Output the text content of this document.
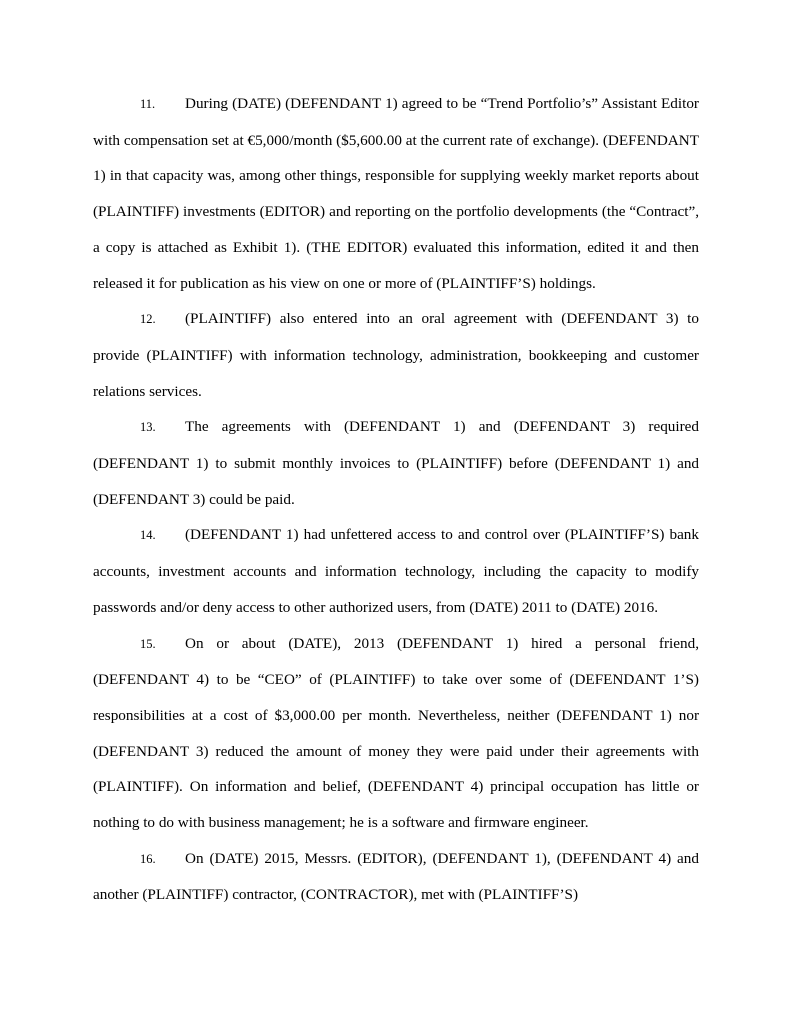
11. During (DATE) (DEFENDANT 1) agreed to be “Trend Portfolio’s” Assistant Editor with compensation set at €5,000/month ($5,600.00 at the current rate of exchange). (DEFENDANT 1) in that capacity was, among other things, responsible for supplying weekly market reports about (PLAINTIFF) investments (EDITOR) and reporting on the portfolio developments (the “Contract”, a copy is attached as Exhibit 1). (THE EDITOR) evaluated this information, edited it and then released it for publication as his view on one or more of (PLAINTIFF’S) holdings.

12. (PLAINTIFF) also entered into an oral agreement with (DEFENDANT 3) to provide (PLAINTIFF) with information technology, administration, bookkeeping and customer relations services.

13. The agreements with (DEFENDANT 1) and (DEFENDANT 3) required (DEFENDANT 1) to submit monthly invoices to (PLAINTIFF) before (DEFENDANT 1) and (DEFENDANT 3) could be paid.

14. (DEFENDANT 1) had unfettered access to and control over (PLAINTIFF’S) bank accounts, investment accounts and information technology, including the capacity to modify passwords and/or deny access to other authorized users, from (DATE) 2011 to (DATE) 2016.

15. On or about (DATE), 2013 (DEFENDANT 1) hired a personal friend, (DEFENDANT 4) to be “CEO” of (PLAINTIFF) to take over some of (DEFENDANT 1’S) responsibilities at a cost of $3,000.00 per month. Nevertheless, neither (DEFENDANT 1) nor (DEFENDANT 3) reduced the amount of money they were paid under their agreements with (PLAINTIFF). On information and belief, (DEFENDANT 4) principal occupation has little or nothing to do with business management; he is a software and firmware engineer.

16. On (DATE) 2015, Messrs. (EDITOR), (DEFENDANT 1), (DEFENDANT 4) and another (PLAINTIFF) contractor, (CONTRACTOR), met with (PLAINTIFF’S)
